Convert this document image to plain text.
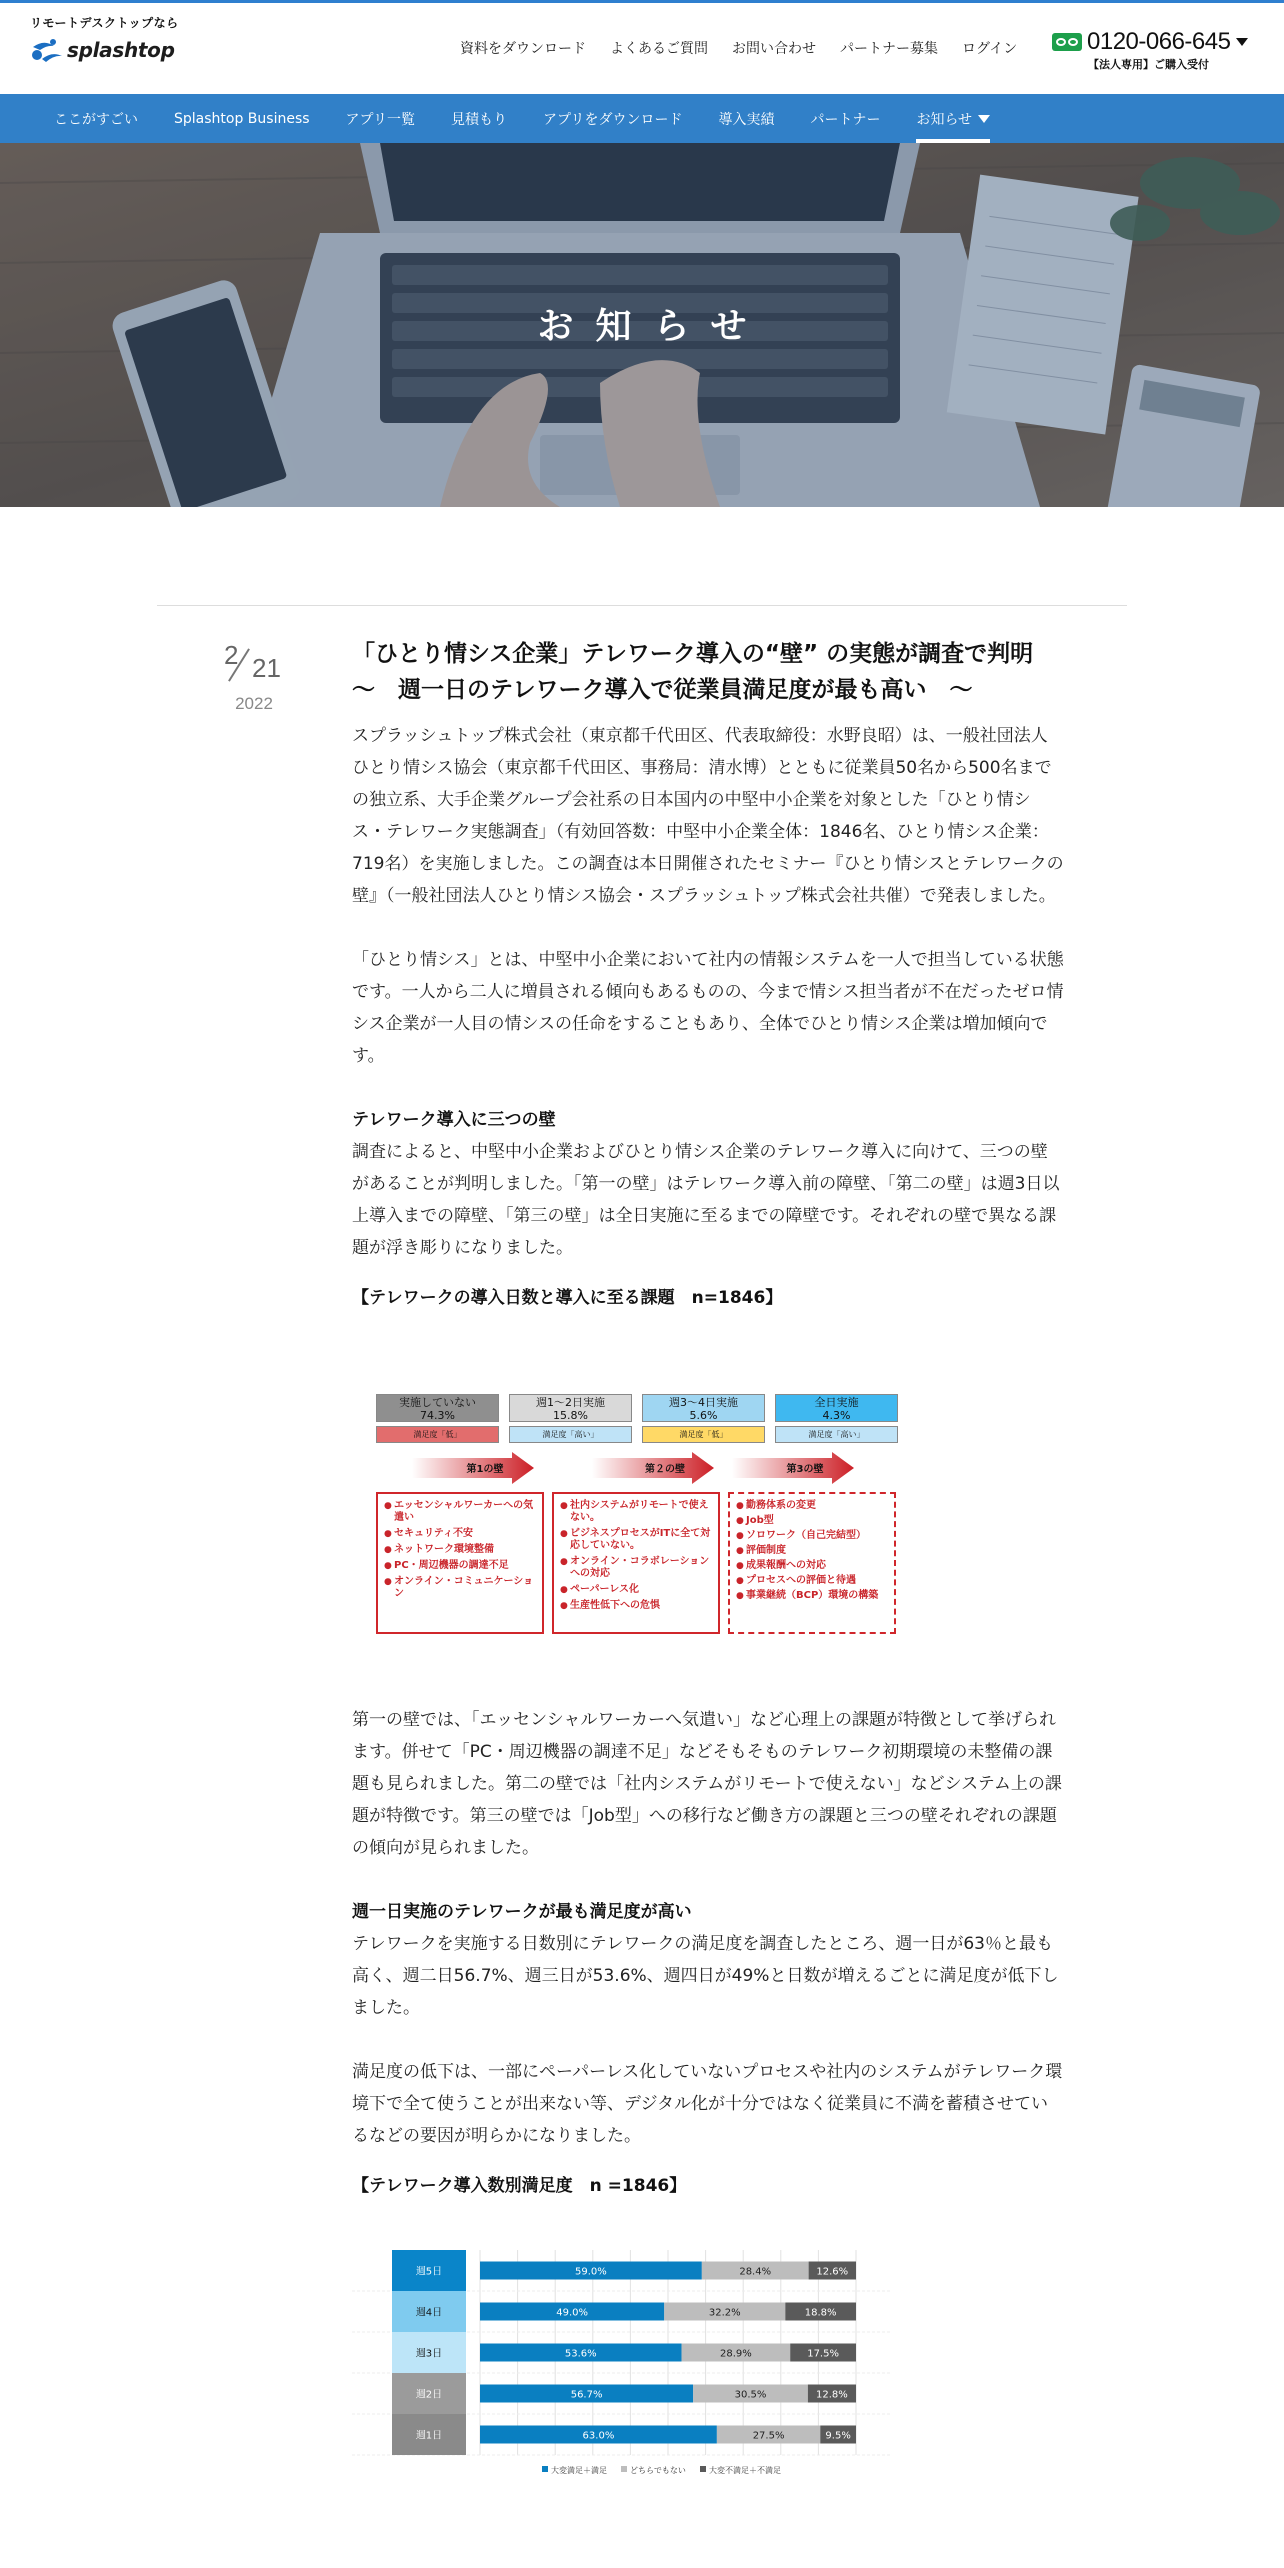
リモートデスクトップなら
splashtop	資料をダウンロード よくあるご質問 お問い合わせ パートナー募集 ログイン	0120-066-645
【法人専用】ご購入受付
ここがすごい	Splashtop Business	アプリ一覧	見積もり	アプリをダウンロード	導入実績	パートナー	お知らせ
お知らせ
2 21
2022
「ひとり情シス企業」テレワーク導入の“壁” の実態が調査で判明 ～　週一日のテレワーク導入で従業員満足度が最も高い　～

スプラッシュトップ株式会社（東京都千代田区、代表取締役：水野良昭）は、一般社団法人 ひとり情シス協会（東京都千代田区、事務局：清水博）とともに従業員50名から500名までの独立系、大手企業グループ会社系の日本国内の中堅中小企業を対象とした「ひとり情シス・テレワーク実態調査」（有効回答数：中堅中小企業全体：1846名、ひとり情シス企業：719名）を実施しました。この調査は本日開催されたセミナー『ひとり情シスとテレワークの壁』（一般社団法人ひとり情シス協会・スプラッシュトップ株式会社共催）で発表しました。

「ひとり情シス」とは、中堅中小企業において社内の情報システムを一人で担当している状態です。一人から二人に増員される傾向もあるものの、今まで情シス担当者が不在だったゼロ情シス企業が一人目の情シスの任命をすることもあり、全体でひとり情シス企業は増加傾向です。

テレワーク導入に三つの壁

調査によると、中堅中小企業およびひとり情シス企業のテレワーク導入に向けて、三つの壁があることが判明しました。「第一の壁」はテレワーク導入前の障壁、「第二の壁」は週3日以上導入までの障壁、「第三の壁」は全日実施に至るまでの障壁です。それぞれの壁で異なる課題が浮き彫りになりました。

【テレワークの導入日数と導入に至る課題　n=1846】
実施していない
74.3%
週1～2日実施
15.8%
週3～4日実施
5.6%
全日実施
4.3%
満足度「低」	満足度「高い」	満足度「低」	満足度「高い」
第1の壁	第２の壁	第3の壁
● エッセンシャルワーカーへの気遣い
● セキュリティ不安
● ネットワーク環境整備
● PC・周辺機器の調達不足
● オンライン・コミュニケーション
● 社内システムがリモートで使えない。
● ビジネスプロセスがITに全て対応していない。
● オンライン・コラボレーションへの対応
● ペーパーレス化
● 生産性低下への危惧
● 勤務体系の変更
● Job型
● ソロワーク（自己完結型）
● 評価制度
● 成果報酬への対応
● プロセスへの評価と待遇
● 事業継続（BCP）環境の構築

第一の壁では、「エッセンシャルワーカーへ気遣い」など心理上の課題が特徴として挙げられます。併せて「PC・周辺機器の調達不足」などそもそものテレワーク初期環境の未整備の課題も見られました。第二の壁では「社内システムがリモートで使えない」などシステム上の課題が特徴です。第三の壁では「Job型」への移行など働き方の課題と三つの壁それぞれの課題の傾向が見られました。

週一日実施のテレワークが最も満足度が高い

テレワークを実施する日数別にテレワークの満足度を調査したところ、週一日が63％と最も高く、週二日56.7%、週三日が53.6%、週四日が49%と日数が増えるごとに満足度が低下しました。

満足度の低下は、一部にペーパーレス化していないプロセスや社内のシステムがテレワーク環境下で全て使うことが出来ない等、デジタル化が十分ではなく従業員に不満を蓄積させているなどの要因が明らかになりました。

【テレワーク導入数別満足度　n =1846】
週5日	59.0%	28.4%	12.6%
週4日	49.0%	32.2%	18.8%
週3日	53.6%	28.9%	17.5%
週2日	56.7%	30.5%	12.8%
週1日	63.0%	27.5%	9.5%
大変満足＋満足	どちらでもない	大変不満足＋不満足
